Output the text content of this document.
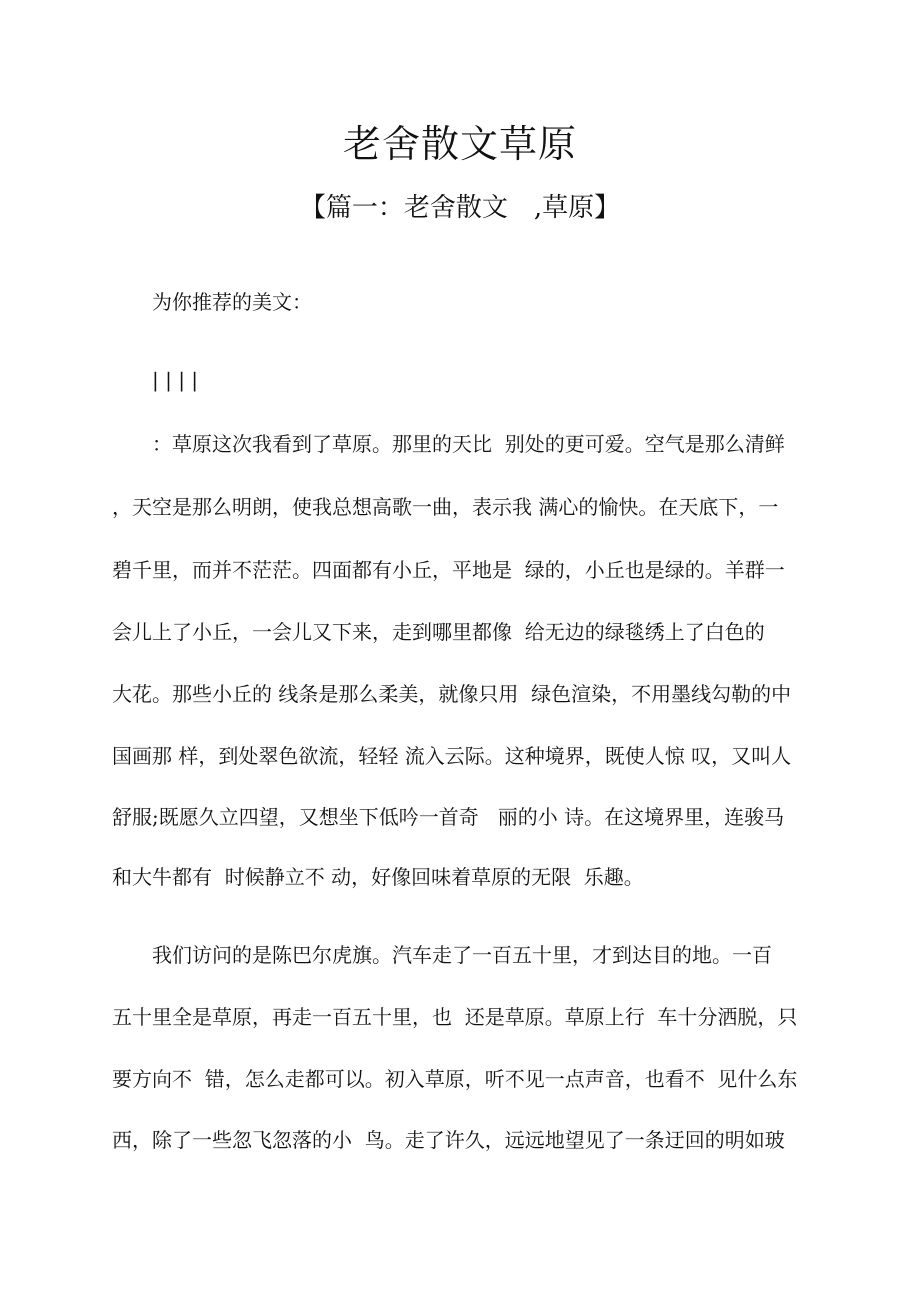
老舍散文草原
【篇一：老舍散文　,草原】
为你推荐的美文：
| | | |
：草原这次我看到了草原。那里的天比  别处的更可爱。空气是那么清鲜
，天空是那么明朗，使我总想高歌一曲，表示我 满心的愉快。在天底下，一
碧千里，而并不茫茫。四面都有小丘，平地是  绿的，小丘也是绿的。羊群一
会儿上了小丘，一会儿又下来，走到哪里都像  给无边的绿毯绣上了白色的
大花。那些小丘的 线条是那么柔美，就像只用  绿色渲染，不用墨线勾勒的中
国画那 样，到处翠色欲流，轻轻 流入云际。这种境界，既使人惊 叹，又叫人
舒服;既愿久立四望，又想坐下低吟一首奇   丽的小 诗。在这境界里，连骏马
和大牛都有  时候静立不 动，好像回味着草原的无限  乐趣。
我们访问的是陈巴尔虎旗。汽车走了一百五十里，才到达目的地。一百
五十里全是草原，再走一百五十里，也  还是草原。草原上行  车十分洒脱，只
要方向不  错，怎么走都可以。初入草原，听不见一点声音，也看不  见什么东
西，除了一些忽飞忽落的小  鸟。走了许久，远远地望见了一条迂回的明如玻
